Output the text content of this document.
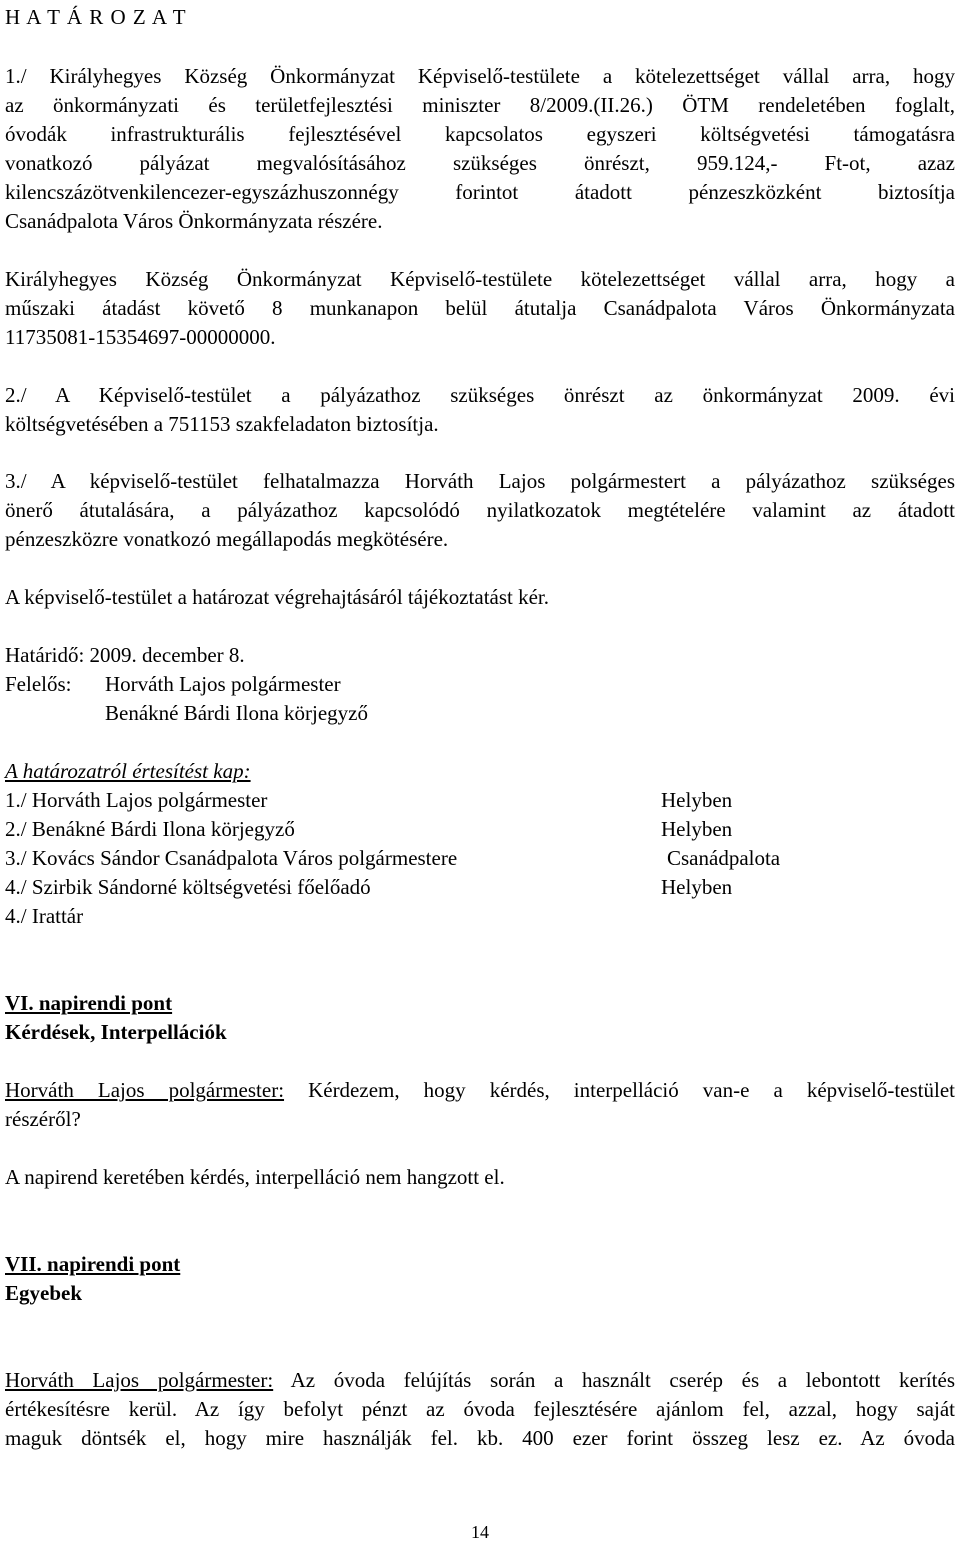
H A T Á R O Z A T
1./ Királyhegyes Község Önkormányzat Képviselő-testülete a kötelezettséget vállal arra, hogy
az önkormányzati és területfejlesztési miniszter 8/2009.(II.26.) ÖTM rendeletében foglalt,
óvodák infrastrukturális fejlesztésével kapcsolatos egyszeri költségvetési támogatásra
vonatkozó pályázat megvalósításához szükséges önrészt, 959.124,- Ft-ot, azaz
kilencszázötvenkilencezer-egyszázhuszonnégy forintot átadott pénzeszközként biztosítja
Csanádpalota Város Önkormányzata részére.
Királyhegyes Község Önkormányzat Képviselő-testülete kötelezettséget vállal arra, hogy a
műszaki átadást követő 8 munkanapon belül átutalja Csanádpalota Város Önkormányzata
11735081-15354697-00000000.
2./ A Képviselő-testület a pályázathoz szükséges önrészt az önkormányzat 2009. évi
költségvetésében a 751153 szakfeladaton biztosítja.
3./ A képviselő-testület felhatalmazza Horváth Lajos polgármestert a pályázathoz szükséges
önerő átutalására, a pályázathoz kapcsolódó nyilatkozatok megtételére valamint az átadott
pénzeszközre vonatkozó megállapodás megkötésére.
A képviselő-testület a határozat végrehajtásáról tájékoztatást kér.
Határidő: 2009. december 8.
Felelős: Horváth Lajos polgármester
Benákné Bárdi Ilona körjegyző
A határozatról értesítést kap:
1./ Horváth Lajos polgármester	Helyben
2./ Benákné Bárdi Ilona körjegyző	Helyben
3./ Kovács Sándor Csanádpalota Város polgármestere	Csanádpalota
4./ Szirbik Sándorné költségvetési főelőadó	Helyben
4./ Irattár
VI. napirendi pont
Kérdések, Interpellációk
Horváth Lajos polgármester: Kérdezem, hogy kérdés, interpelláció van-e a képviselő-testület
részéről?
A napirend keretében kérdés, interpelláció nem hangzott el.
VII. napirendi pont
Egyebek
Horváth Lajos polgármester: Az óvoda felújítás során a használt cserép és a lebontott kerítés
értékesítésre kerül. Az így befolyt pénzt az óvoda fejlesztésére ajánlom fel, azzal, hogy saját
maguk döntsék el, hogy mire használják fel. kb. 400 ezer forint összeg lesz ez. Az óvoda
14
